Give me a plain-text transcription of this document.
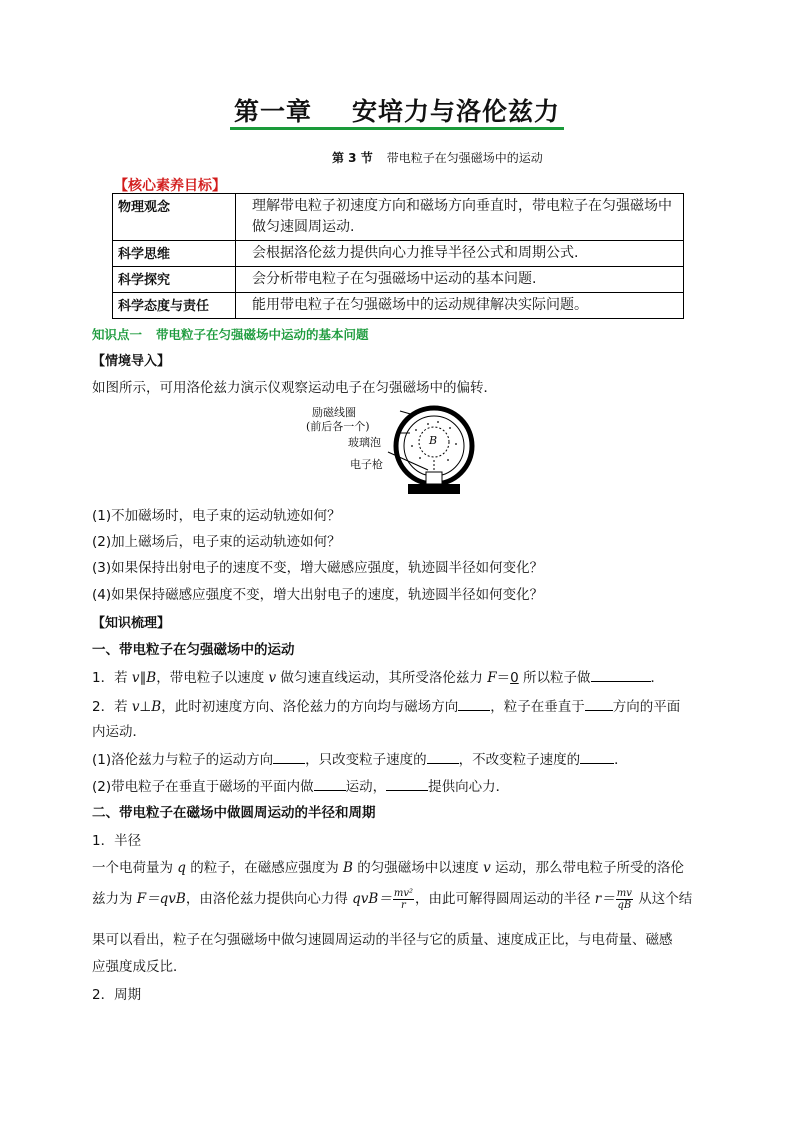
第一章 安培力与洛伦兹力
第 3 节 带电粒子在匀强磁场中的运动
【核心素养目标】
物理观念	理解带电粒子初速度方向和磁场方向垂直时，带电粒子在匀强磁场中做匀速圆周运动.
科学思维	会根据洛伦兹力提供向心力推导半径公式和周期公式.
科学探究	会分析带电粒子在匀强磁场中运动的基本问题.
科学态度与责任	能用带电粒子在匀强磁场中的运动规律解决实际问题。
知识点一 带电粒子在匀强磁场中运动的基本问题
【情境导入】
如图所示，可用洛伦兹力演示仪观察运动电子在匀强磁场中的偏转．
励磁线圈
(前后各一个)
玻璃泡
电子枪
B
(1)不加磁场时，电子束的运动轨迹如何？
(2)加上磁场后，电子束的运动轨迹如何？
(3)如果保持出射电子的速度不变，增大磁感应强度，轨迹圆半径如何变化？
(4)如果保持磁感应强度不变，增大出射电子的速度，轨迹圆半径如何变化？
【知识梳理】
一、带电粒子在匀强磁场中的运动
1．若 v∥B，带电粒子以速度 v 做匀速直线运动，其所受洛伦兹力 F＝0 所以粒子做	．
2．若 v⊥B，此时初速度方向、洛伦兹力的方向均与磁场方向 ，粒子在垂直于 方向的平面
内运动．
(1)洛伦兹力与粒子的运动方向 ，只改变粒子速度的 ，不改变粒子速度的	．
(2)带电粒子在垂直于磁场的平面内做 运动，	提供向心力．
二、带电粒子在磁场中做圆周运动的半径和周期
1．半径
一个电荷量为 q 的粒子，在磁感应强度为 B 的匀强磁场中以速度 v 运动，那么带电粒子所受的洛伦
兹力为 F＝qvB，由洛伦兹力提供向心力得 $qvB= \frac{\text{mv²}}{r}$ ，由此可解得圆周运动的半径 $r= \frac{mv}{qB}$ 从这个结
果可以看出，粒子在匀强磁场中做匀速圆周运动的半径与它的质量、速度成正比，与电荷量、磁感
应强度成反比．
2．周期
